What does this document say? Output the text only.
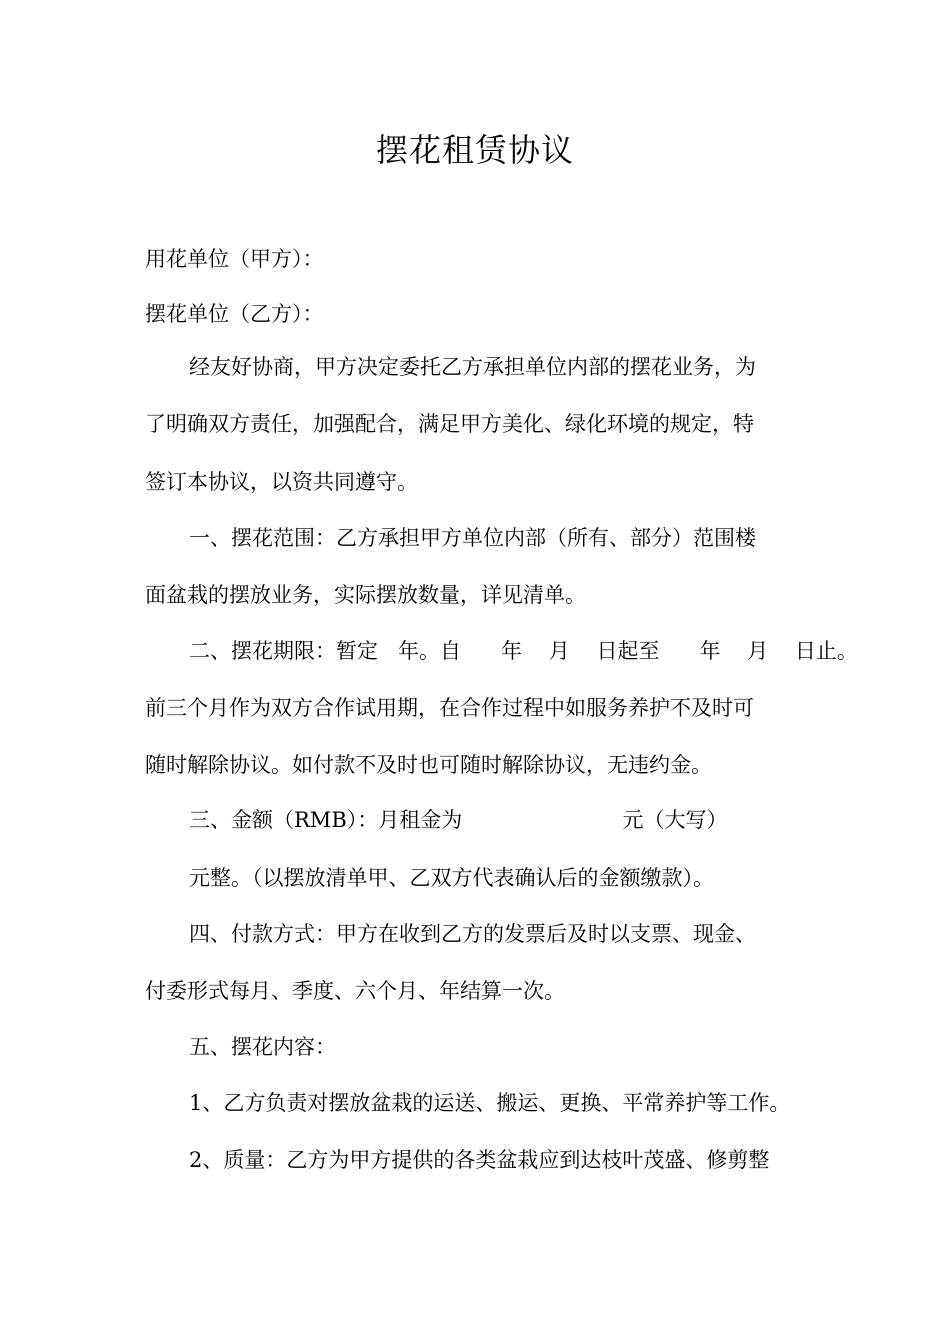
摆花租赁协议
用花单位（甲方）：
摆花单位（乙方）：
经友好协商，甲方决定委托乙方承担单位内部的摆花业务，为
了明确双方责任，加强配合，满足甲方美化、绿化环境的规定，特
签订本协议，以资共同遵守。
一、摆花范围：乙方承担甲方单位内部（所有、部分）范围楼
面盆栽的摆放业务，实际摆放数量，详见清单。
二、摆花期限：暂定   年。自      年    月    日起至      年    月    日止。
前三个月作为双方合作试用期，在合作过程中如服务养护不及时可
随时解除协议。如付款不及时也可随时解除协议，无违约金。
三、金额（RMB）：月租金为                        元（大写）
元整。（以摆放清单甲、乙双方代表确认后的金额缴款）。
四、付款方式：甲方在收到乙方的发票后及时以支票、现金、
付委形式每月、季度、六个月、年结算一次。
五、摆花内容：
1、乙方负责对摆放盆栽的运送、搬运、更换、平常养护等工作。
2、质量：乙方为甲方提供的各类盆栽应到达枝叶茂盛、修剪整
